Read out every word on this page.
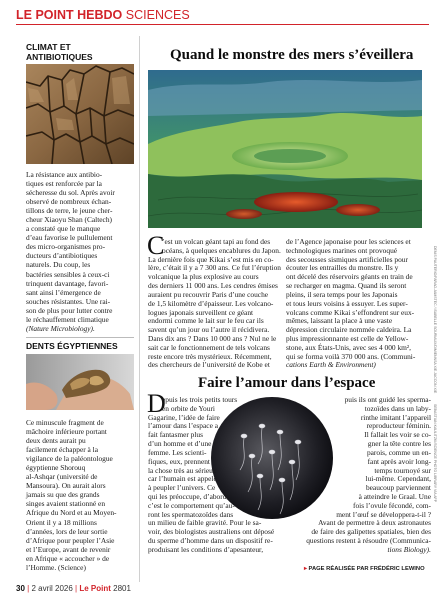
LE POINT HEBDO SCIENCES
CLIMAT ET
ANTIBIOTIQUES
La résistance aux antibio-
tiques est renforcée par la
sécheresse du sol. Après avoir
observé de nombreux échan-
tillons de terre, le jeune cher-
cheur Xiaoyu Shan (Caltech)
a constaté que le manque
d’eau favorise le pullulement
des micro-organismes pro-
ducteurs d’antibiotiques
naturels. Du coup, les
bactéries sensibles à ceux-ci
trinquent davantage, favori-
sant ainsi l’émergence de
souches résistantes. Une rai-
son de plus pour lutter contre
le réchauffement climatique
(Nature Microbiology).
DENTS ÉGYPTIENNES
Ce minuscule fragment de
mâchoire inférieure portant
deux dents aurait pu
facilement échapper à la
vigilance de la paléontologue
égyptienne Shorouq
al-Ashqar (université de
Mansoura). On aurait alors
jamais su que des grands
singes avaient stationné en
Afrique du Nord et au Moyen-
Orient il y a 18 millions
d’années, lors de leur sortie
d’Afrique pour peupler l’Asie
et l’Europe, avant de revenir
en Afrique « accoucher » de
l’Homme. (Science)
Quand le monstre des mers s’éveillera
DENIS PAUTERIO/FARAO-JAMSTEC / ISABELLE SOURIAUX/DIMIENNSA XIE.JACCON XIE
C
’est un volcan géant tapi au fond des
océans, à quelques encablures du Japon.
La dernière fois que Kikai s’est mis en co-
lère, c’était il y a 7 300 ans. Ce fut l’éruption
volcanique la plus explosive au cours
des derniers 11 000 ans. Les cendres émises
auraient pu recouvrir Paris d’une couche
de 1,5 kilomètre d’épaisseur. Les volcano-
logues japonais surveillent ce géant
endormi comme le lait sur le feu car ils
savent qu’un jour ou l’autre il récidivera.
Dans dix ans ? Dans 10 000 ans ? Nul ne le
sait car le fonctionnement de tels volcans
reste encore très mystérieux. Récemment,
des chercheurs de l’université de Kobe et
de l’Agence japonaise pour les sciences et
technologiques marines ont provoqué
des secousses sismiques artificielles pour
écouter les entrailles du monstre. Ils y
ont décelé des réservoirs géants en train de
se recharger en magma. Quand ils seront
pleins, il sera temps pour les Japonais
et tous leurs voisins à essuyer. Les super-
volcans comme Kikai s’effondrent sur eux-
mêmes, laissant la place à une vaste
dépression circulaire nommée caldeira. La
plus impressionnante est celle de Yellow-
stone, aux États-Unis, avec ses 4 000 km²,
qui se forma voilà 370 000 ans. (Communi-
cations Earth & Environment)
Faire l’amour dans l’espace
SEBASTIAN KAULITZKI/SCIENCE PHOTO LIBRARY VIA AFP
D
epuis les trois petits tours
en orbite de Youri
Gagarine, l’idée de faire
l’amour dans l’espace a
fait fantasmer plus
d’un homme et d’une
femme. Les scienti-
fiques, eux, prennent
la chose très au sérieux
car l’humain est appelé
à peupler l’univers. Ce
qui les préoccupe, d’abord,
c’est le comportement qu’au-
ront les spermatozoïdes dans
un milieu de faible gravité. Pour le sa-
voir, des biologistes australiens ont déposé
du sperme d’homme dans un dispositif re-
produisant les conditions d’apesanteur,
puis ils ont guidé les sperma-
tozoïdes dans un laby-
rinthe imitant l’appareil
reproducteur féminin.
Il fallait les voir se co-
gner la tête contre les
parois, comme un en-
fant après avoir long-
temps tournoyé sur
lui-même. Cependant,
beaucoup parviennent
à atteindre le Graal. Une
fois l’ovule fécondé, com-
ment l’œuf se développera-t-il ?
Avant de permettre à deux astronautes
de faire des galipettes spatiales, bien des
questions restent à résoudre (Communica-
tions Biology).
▸ PAGE RÉALISÉE PAR FRÉDÉRIC LEWINO
30 | 2 avril 2026 | Le Point 2801
